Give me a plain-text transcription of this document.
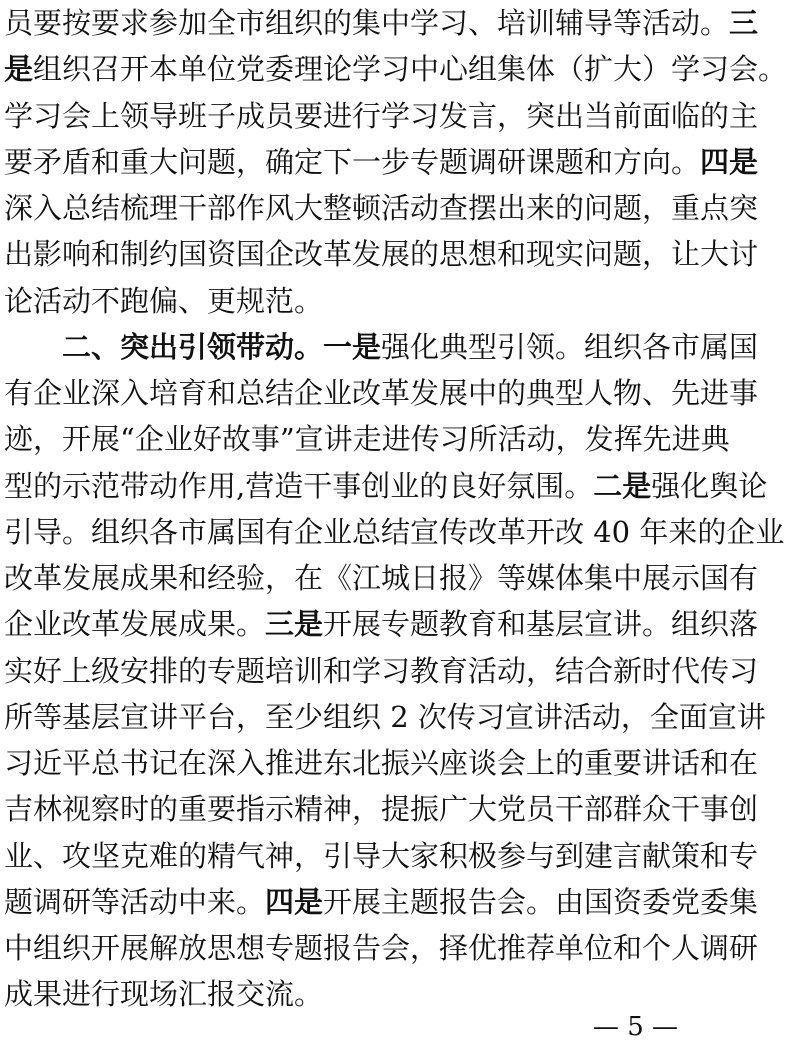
员要按要求参加全市组织的集中学习、培训辅导等活动。三
是组织召开本单位党委理论学习中心组集体（扩大）学习会。
学习会上领导班子成员要进行学习发言，突出当前面临的主
要矛盾和重大问题，确定下一步专题调研课题和方向。四是
深入总结梳理干部作风大整顿活动查摆出来的问题，重点突
出影响和制约国资国企改革发展的思想和现实问题，让大讨
论活动不跑偏、更规范。
二、突出引领带动。一是强化典型引领。组织各市属国
有企业深入培育和总结企业改革发展中的典型人物、先进事
迹，开展“企业好故事”宣讲走进传习所活动，发挥先进典
型的示范带动作用,营造干事创业的良好氛围。二是强化舆论
引导。组织各市属国有企业总结宣传改革开改 40 年来的企业
改革发展成果和经验，在《江城日报》等媒体集中展示国有
企业改革发展成果。三是开展专题教育和基层宣讲。组织落
实好上级安排的专题培训和学习教育活动，结合新时代传习
所等基层宣讲平台，至少组织 2 次传习宣讲活动，全面宣讲
习近平总书记在深入推进东北振兴座谈会上的重要讲话和在
吉林视察时的重要指示精神，提振广大党员干部群众干事创
业、攻坚克难的精气神，引导大家积极参与到建言献策和专
题调研等活动中来。四是开展主题报告会。由国资委党委集
中组织开展解放思想专题报告会，择优推荐单位和个人调研
成果进行现场汇报交流。
— 5 —
